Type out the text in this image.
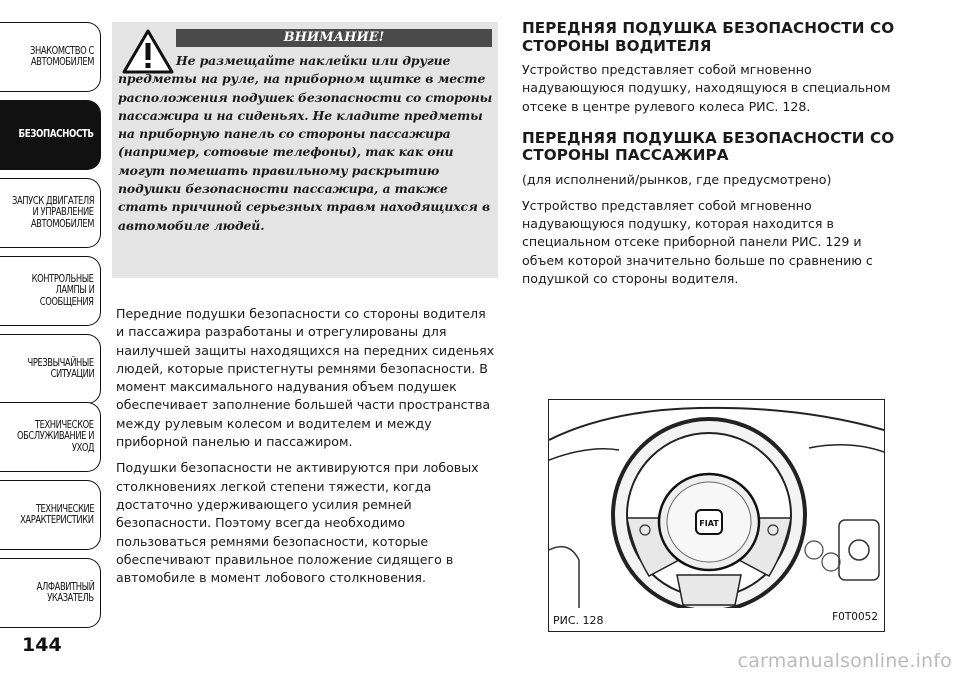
ЗНАКОМСТВО С
АВТОМОБИЛЕМ
БЕЗОПАСНОСТЬ
ЗАПУСК ДВИГАТЕЛЯ
И УПРАВЛЕНИЕ
АВТОМОБИЛЕМ
КОНТРОЛЬНЫЕ
ЛАМПЫ И
СООБЩЕНИЯ
ЧРЕЗВЫЧАЙНЫЕ
СИТУАЦИИ
ТЕХНИЧЕСКОЕ
ОБСЛУЖИВАНИЕ И
УХОД
ТЕХНИЧЕСКИЕ
ХАРАКТЕРИСТИКИ
АЛФАВИТНЫЙ
УКАЗАТЕЛЬ
144
ВНИМАНИЕ!
Не размещайте наклейки или другие предметы на руле, на приборном щитке в месте расположения подушек безопасности со стороны пассажира и на сиденьях. Не кладите предметы на приборную панель со стороны пассажира (например, сотовые телефоны), так как они могут помешать правильному раскрытию подушки безопасности пассажира, а также стать причиной серьезных травм находящихся в автомобиле людей.

Передние подушки безопасности со стороны водителя и пассажира разработаны и отрегулированы для наилучшей защиты находящихся на передних сиденьях людей, которые пристегнуты ремнями безопасности. В момент максимального надувания объем подушек обеспечивает заполнение большей части пространства между рулевым колесом и водителем и между приборной панелью и пассажиром.

Подушки безопасности не активируются при лобовых столкновениях легкой степени тяжести, когда достаточно удерживающего усилия ремней безопасности. Поэтому всегда необходимо пользоваться ремнями безопасности, которые обеспечивают правильное положение сидящего в автомобиле в момент лобового столкновения.

ПЕРЕДНЯЯ ПОДУШКА БЕЗОПАСНОСТИ СО СТОРОНЫ ВОДИТЕЛЯ

Устройство представляет собой мгновенно надувающуюся подушку, находящуюся в специальном отсеке в центре рулевого колеса РИС. 128.

ПЕРЕДНЯЯ ПОДУШКА БЕЗОПАСНОСТИ СО СТОРОНЫ ПАССАЖИРА

(для исполнений/рынков, где предусмотрено)

Устройство представляет собой мгновенно надувающуюся подушку, которая находится в специальном отсеке приборной панели РИС. 129 и объем которой значительно больше по сравнению с подушкой со стороны водителя.

FIAT
РИС. 128	F0T0052
carmanualsonline.info
